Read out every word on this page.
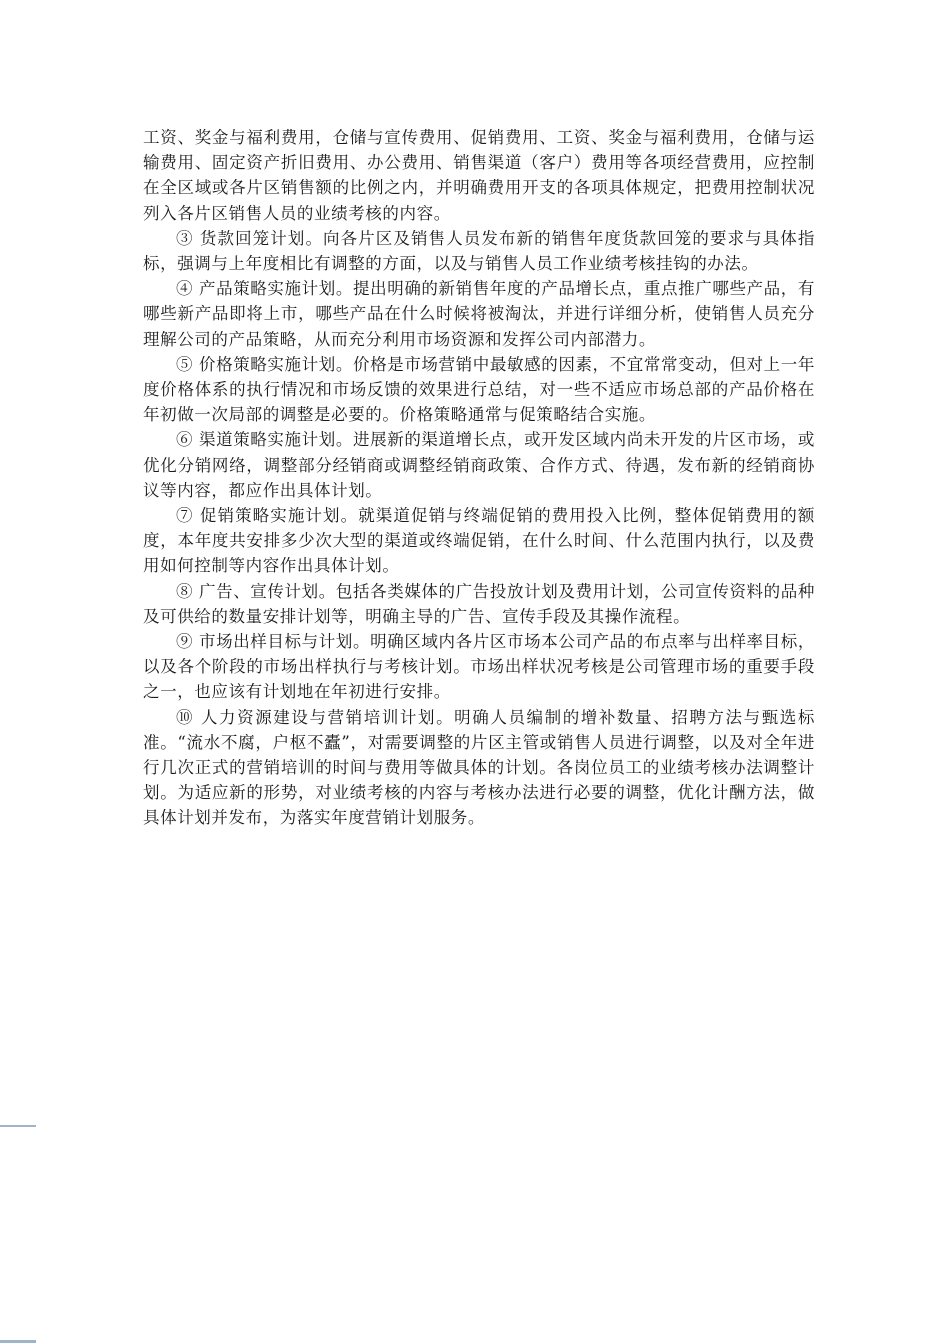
工资、奖金与福利费用，仓储与宣传费用、促销费用、工资、奖金与福利费用，仓储与运输费用、固定资产折旧费用、办公费用、销售渠道（客户）费用等各项经营费用，应控制在全区域或各片区销售额的比例之内，并明确费用开支的各项具体规定，把费用控制状况列入各片区销售人员的业绩考核的内容。

③ 货款回笼计划。向各片区及销售人员发布新的销售年度货款回笼的要求与具体指标，强调与上年度相比有调整的方面，以及与销售人员工作业绩考核挂钩的办法。

④ 产品策略实施计划。提出明确的新销售年度的产品增长点，重点推广哪些产品，有哪些新产品即将上市，哪些产品在什么时候将被淘汰，并进行详细分析，使销售人员充分理解公司的产品策略，从而充分利用市场资源和发挥公司内部潜力。

⑤ 价格策略实施计划。价格是市场营销中最敏感的因素，不宜常常变动，但对上一年度价格体系的执行情况和市场反馈的效果进行总结，对一些不适应市场总部的产品价格在年初做一次局部的调整是必要的。价格策略通常与促策略结合实施。

⑥ 渠道策略实施计划。进展新的渠道增长点，或开发区域内尚未开发的片区市场，或优化分销网络，调整部分经销商或调整经销商政策、合作方式、待遇，发布新的经销商协议等内容，都应作出具体计划。

⑦ 促销策略实施计划。就渠道促销与终端促销的费用投入比例，整体促销费用的额度，本年度共安排多少次大型的渠道或终端促销，在什么时间、什么范围内执行，以及费用如何控制等内容作出具体计划。

⑧ 广告、宣传计划。包括各类媒体的广告投放计划及费用计划，公司宣传资料的品种及可供给的数量安排计划等，明确主导的广告、宣传手段及其操作流程。

⑨ 市场出样目标与计划。明确区域内各片区市场本公司产品的布点率与出样率目标，以及各个阶段的市场出样执行与考核计划。市场出样状况考核是公司管理市场的重要手段之一，也应该有计划地在年初进行安排。

⑩ 人力资源建设与营销培训计划。明确人员编制的增补数量、招聘方法与甄选标准。“流水不腐，户枢不蠹”，对需要调整的片区主管或销售人员进行调整，以及对全年进行几次正式的营销培训的时间与费用等做具体的计划。各岗位员工的业绩考核办法调整计划。为适应新的形势，对业绩考核的内容与考核办法进行必要的调整，优化计酬方法，做具体计划并发布，为落实年度营销计划服务。
